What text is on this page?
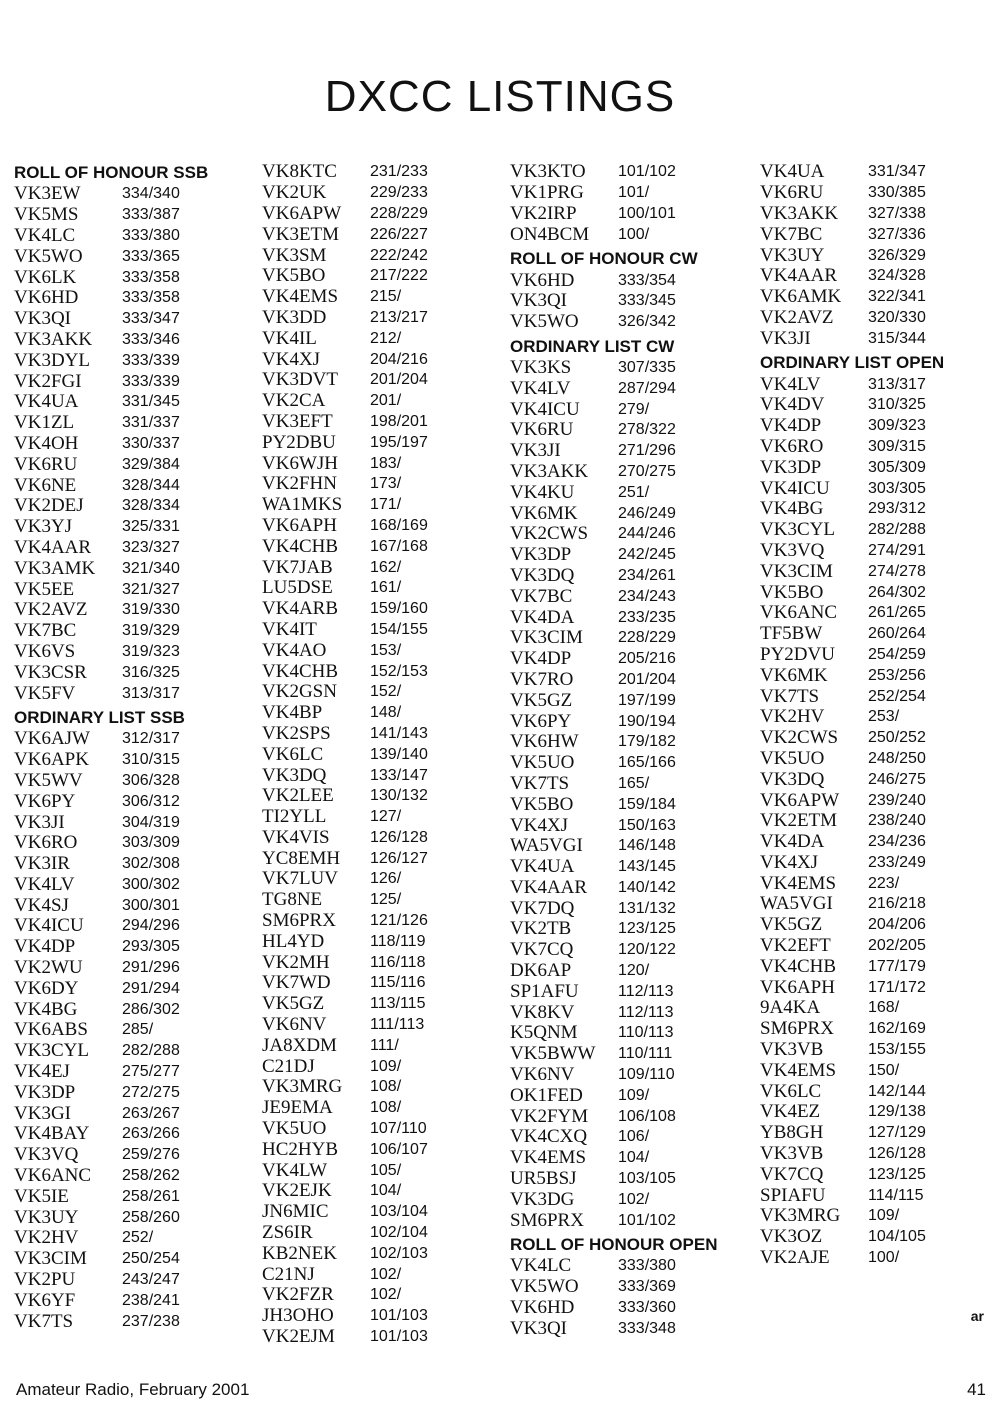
DXCC LISTINGS
ROLL OF HONOUR SSB
VK3EW	334/340
VK5MS	333/387
VK4LC	333/380
VK5WO	333/365
VK6LK	333/358
VK6HD	333/358
VK3QI	333/347
VK3AKK	333/346
VK3DYL	333/339
VK2FGI	333/339
VK4UA	331/345
VK1ZL	331/337
VK4OH	330/337
VK6RU	329/384
VK6NE	328/344
VK2DEJ	328/334
VK3YJ	325/331
VK4AAR	323/327
VK3AMK	321/340
VK5EE	321/327
VK2AVZ	319/330
VK7BC	319/329
VK6VS	319/323
VK3CSR	316/325
VK5FV	313/317
ORDINARY LIST SSB
VK6AJW	312/317
VK6APK	310/315
VK5WV	306/328
VK6PY	306/312
VK3JI	304/319
VK6RO	303/309
VK3IR	302/308
VK4LV	300/302
VK4SJ	300/301
VK4ICU	294/296
VK4DP	293/305
VK2WU	291/296
VK6DY	291/294
VK4BG	286/302
VK6ABS	285/
VK3CYL	282/288
VK4EJ	275/277
VK3DP	272/275
VK3GI	263/267
VK4BAY	263/266
VK3VQ	259/276
VK6ANC	258/262
VK5IE	258/261
VK3UY	258/260
VK2HV	252/
VK3CIM	250/254
VK2PU	243/247
VK6YF	238/241
VK7TS	237/238
VK8KTC	231/233
VK2UK	229/233
VK6APW	228/229
VK3ETM	226/227
VK3SM	222/242
VK5BO	217/222
VK4EMS	215/
VK3DD	213/217
VK4IL	212/
VK4XJ	204/216
VK3DVT	201/204
VK2CA	201/
VK3EFT	198/201
PY2DBU	195/197
VK6WJH	183/
VK2FHN	173/
WA1MKS	171/
VK6APH	168/169
VK4CHB	167/168
VK7JAB	162/
LU5DSE	161/
VK4ARB	159/160
VK4IT	154/155
VK4AO	153/
VK4CHB	152/153
VK2GSN	152/
VK4BP	148/
VK2SPS	141/143
VK6LC	139/140
VK3DQ	133/147
VK2LEE	130/132
TI2YLL	127/
VK4VIS	126/128
YC8EMH	126/127
VK7LUV	126/
TG8NE	125/
SM6PRX	121/126
HL4YD	118/119
VK2MH	116/118
VK7WD	115/116
VK5GZ	113/115
VK6NV	111/113
JA8XDM	111/
C21DJ	109/
VK3MRG	108/
JE9EMA	108/
VK5UO	107/110
HC2HYB	106/107
VK4LW	105/
VK2EJK	104/
JN6MIC	103/104
ZS6IR	102/104
KB2NEK	102/103
C21NJ	102/
VK2FZR	102/
JH3OHO	101/103
VK2EJM	101/103
VK3KTO	101/102
VK1PRG	101/
VK2IRP	100/101
ON4BCM	100/
ROLL OF HONOUR CW
VK6HD	333/354
VK3QI	333/345
VK5WO	326/342
ORDINARY LIST CW
VK3KS	307/335
VK4LV	287/294
VK4ICU	279/
VK6RU	278/322
VK3JI	271/296
VK3AKK	270/275
VK4KU	251/
VK6MK	246/249
VK2CWS	244/246
VK3DP	242/245
VK3DQ	234/261
VK7BC	234/243
VK4DA	233/235
VK3CIM	228/229
VK4DP	205/216
VK7RO	201/204
VK5GZ	197/199
VK6PY	190/194
VK6HW	179/182
VK5UO	165/166
VK7TS	165/
VK5BO	159/184
VK4XJ	150/163
WA5VGI	146/148
VK4UA	143/145
VK4AAR	140/142
VK7DQ	131/132
VK2TB	123/125
VK7CQ	120/122
DK6AP	120/
SP1AFU	112/113
VK8KV	112/113
K5QNM	110/113
VK5BWW	110/111
VK6NV	109/110
OK1FED	109/
VK2FYM	106/108
VK4CXQ	106/
VK4EMS	104/
UR5BSJ	103/105
VK3DG	102/
SM6PRX	101/102
ROLL OF HONOUR OPEN
VK4LC	333/380
VK5WO	333/369
VK6HD	333/360
VK3QI	333/348
VK4UA	331/347
VK6RU	330/385
VK3AKK	327/338
VK7BC	327/336
VK3UY	326/329
VK4AAR	324/328
VK6AMK	322/341
VK2AVZ	320/330
VK3JI	315/344
ORDINARY LIST OPEN
VK4LV	313/317
VK4DV	310/325
VK4DP	309/323
VK6RO	309/315
VK3DP	305/309
VK4ICU	303/305
VK4BG	293/312
VK3CYL	282/288
VK3VQ	274/291
VK3CIM	274/278
VK5BO	264/302
VK6ANC	261/265
TF5BW	260/264
PY2DVU	254/259
VK6MK	253/256
VK7TS	252/254
VK2HV	253/
VK2CWS	250/252
VK5UO	248/250
VK3DQ	246/275
VK6APW	239/240
VK2ETM	238/240
VK4DA	234/236
VK4XJ	233/249
VK4EMS	223/
WA5VGI	216/218
VK5GZ	204/206
VK2EFT	202/205
VK4CHB	177/179
VK6APH	171/172
9A4KA	168/
SM6PRX	162/169
VK3VB	153/155
VK4EMS	150/
VK6LC	142/144
VK4EZ	129/138
YB8GH	127/129
VK3VB	126/128
VK7CQ	123/125
SPIAFU	114/115
VK3MRG	109/
VK3OZ	104/105
VK2AJE	100/
ar
Amateur Radio, February 2001	41
